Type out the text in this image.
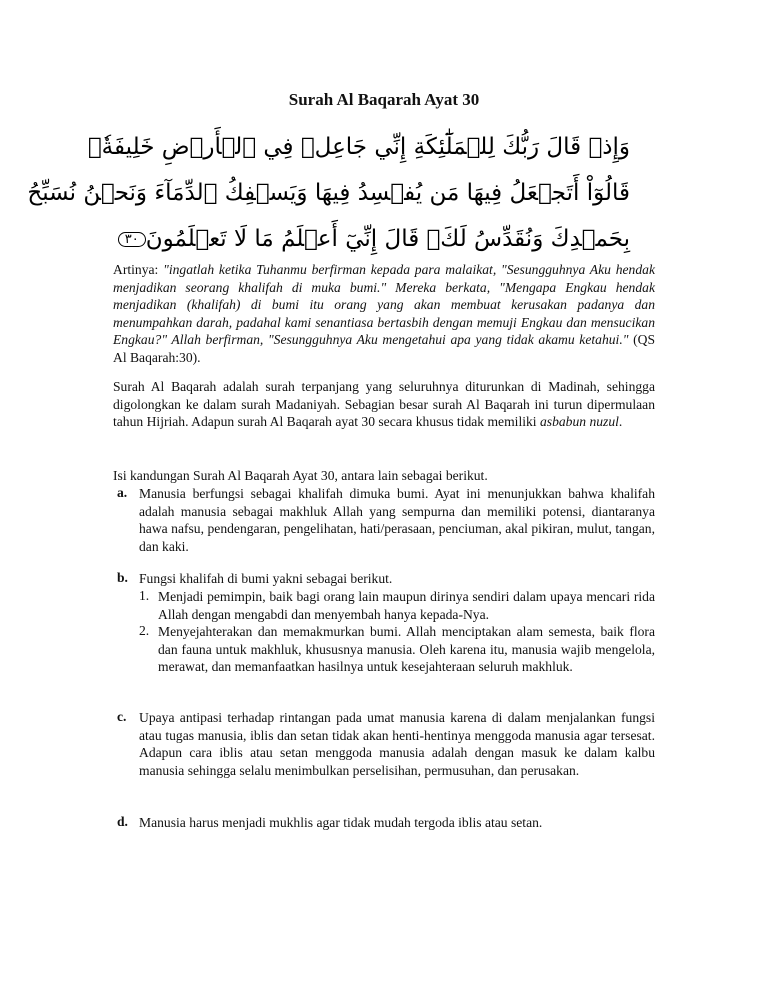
Surah Al Baqarah Ayat 30
وَإِذۡ قَالَ رَبُّكَ لِلۡمَلَٰٓئِكَةِ إِنِّي جَاعِلٞ فِي ٱلۡأَرۡضِ خَلِيفَةٗۖ
قَالُوٓاْ أَتَجۡعَلُ فِيهَا مَن يُفۡسِدُ فِيهَا وَيَسۡفِكُ ٱلدِّمَآءَ وَنَحۡنُ نُسَبِّحُ
بِحَمۡدِكَ وَنُقَدِّسُ لَكَۖ قَالَ إِنِّيٓ أَعۡلَمُ مَا لَا تَعۡلَمُونَ٣٠
Artinya: "ingatlah ketika Tuhanmu berfirman kepada para malaikat, "Sesungguhnya Aku hendak menjadikan seorang khalifah di muka bumi." Mereka berkata, "Mengapa Engkau hendak menjadikan (khalifah) di bumi itu orang yang akan membuat kerusakan padanya dan menumpahkan darah, padahal kami senantiasa bertasbih dengan memuji Engkau dan mensucikan Engkau?" Allah berfirman, "Sesungguhnya Aku mengetahui apa yang tidak akamu ketahui." (QS Al Baqarah:30).
Surah Al Baqarah adalah surah terpanjang yang seluruhnya diturunkan di Madinah, sehingga digolongkan ke dalam surah Madaniyah. Sebagian besar surah Al Baqarah ini turun dipermulaan tahun Hijriah. Adapun surah Al Baqarah ayat 30 secara khusus tidak memiliki asbabun nuzul.
Isi kandungan Surah Al Baqarah Ayat 30, antara lain sebagai berikut.
a. Manusia berfungsi sebagai khalifah dimuka bumi. Ayat ini menunjukkan bahwa khalifah adalah manusia sebagai makhluk Allah yang sempurna dan memiliki potensi, diantaranya hawa nafsu, pendengaran, pengelihatan, hati/perasaan, penciuman, akal pikiran, mulut, tangan, dan kaki.
b. Fungsi khalifah di bumi yakni sebagai berikut.
1. Menjadi pemimpin, baik bagi orang lain maupun dirinya sendiri dalam upaya mencari rida Allah dengan mengabdi dan menyembah hanya kepada-Nya.
2. Menyejahterakan dan memakmurkan bumi. Allah menciptakan alam semesta, baik flora dan fauna untuk makhluk, khususnya manusia. Oleh karena itu, manusia wajib mengelola, merawat, dan memanfaatkan hasilnya untuk kesejahteraan seluruh makhluk.
c. Upaya antipasi terhadap rintangan pada umat manusia karena di dalam menjalankan fungsi atau tugas manusia, iblis dan setan tidak akan henti-hentinya menggoda manusia agar tersesat. Adapun cara iblis atau setan menggoda manusia adalah dengan masuk ke dalam kalbu manusia sehingga selalu menimbulkan perselisihan, permusuhan, dan perusakan.
d. Manusia harus menjadi mukhlis agar tidak mudah tergoda iblis atau setan.
